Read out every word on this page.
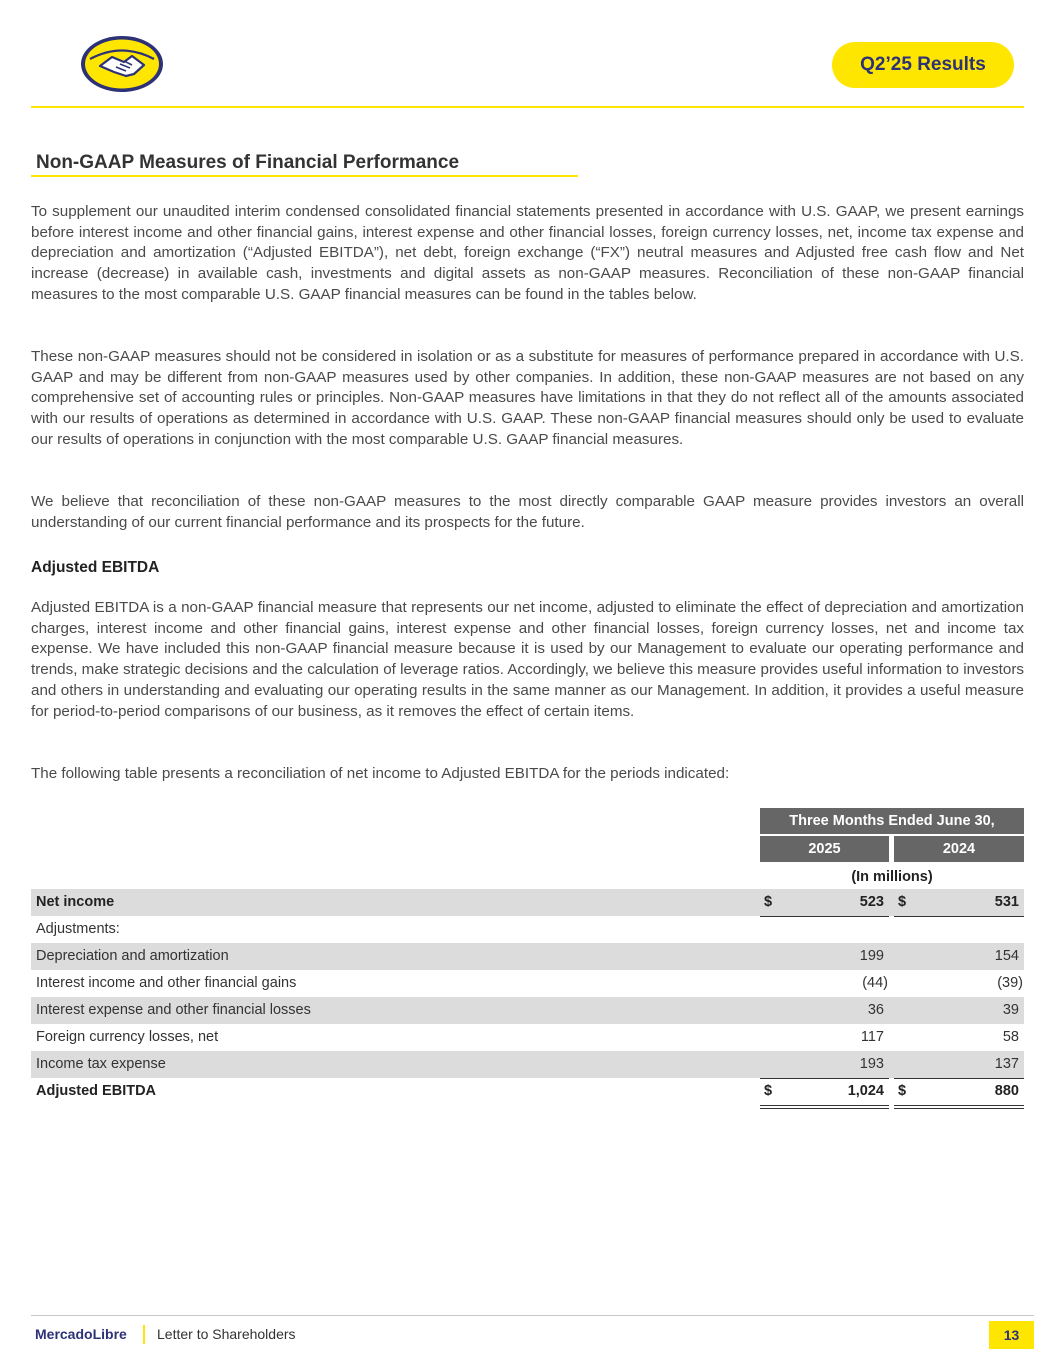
Q2’25 Results
Non-GAAP Measures of Financial Performance

To supplement our unaudited interim condensed consolidated financial statements presented in accordance with U.S. GAAP, we present earnings before interest income and other financial gains, interest expense and other financial losses, foreign currency losses, net, income tax expense and depreciation and amortization (“Adjusted EBITDA”), net debt, foreign exchange (“FX”) neutral measures and Adjusted free cash flow and Net increase (decrease) in available cash, investments and digital assets as non-GAAP measures. Reconciliation of these non-GAAP financial measures to the most comparable U.S. GAAP financial measures can be found in the tables below.

These non-GAAP measures should not be considered in isolation or as a substitute for measures of performance prepared in accordance with U.S. GAAP and may be different from non-GAAP measures used by other companies. In addition, these non-GAAP measures are not based on any comprehensive set of accounting rules or principles. Non-GAAP measures have limitations in that they do not reflect all of the amounts associated with our results of operations as determined in accordance with U.S. GAAP. These non-GAAP financial measures should only be used to evaluate our results of operations in conjunction with the most comparable U.S. GAAP financial measures.

We believe that reconciliation of these non-GAAP measures to the most directly comparable GAAP measure provides investors an overall understanding of our current financial performance and its prospects for the future.

Adjusted EBITDA

Adjusted EBITDA is a non-GAAP financial measure that represents our net income, adjusted to eliminate the effect of depreciation and amortization charges, interest income and other financial gains, interest expense and other financial losses, foreign currency losses, net and income tax expense. We have included this non-GAAP financial measure because it is used by our Management to evaluate our operating performance and trends, make strategic decisions and the calculation of leverage ratios. Accordingly, we believe this measure provides useful information to investors and others in understanding and evaluating our operating results in the same manner as our Management. In addition, it provides a useful measure for period-to-period comparisons of our business, as it removes the effect of certain items.

The following table presents a reconciliation of net income to Adjusted EBITDA for the periods indicated:

Three Months Ended June 30,
2025	2024
(In millions)
Net income	$	523 $	531
Adjustments:
Depreciation and amortization	199	154
Interest income and other financial gains	(44)	(39)
Interest expense and other financial losses	36	39
Foreign currency losses, net	117	58
Income tax expense	193	137
Adjusted EBITDA	$	1,024 $	880
MercadoLibre Letter to Shareholders	13
